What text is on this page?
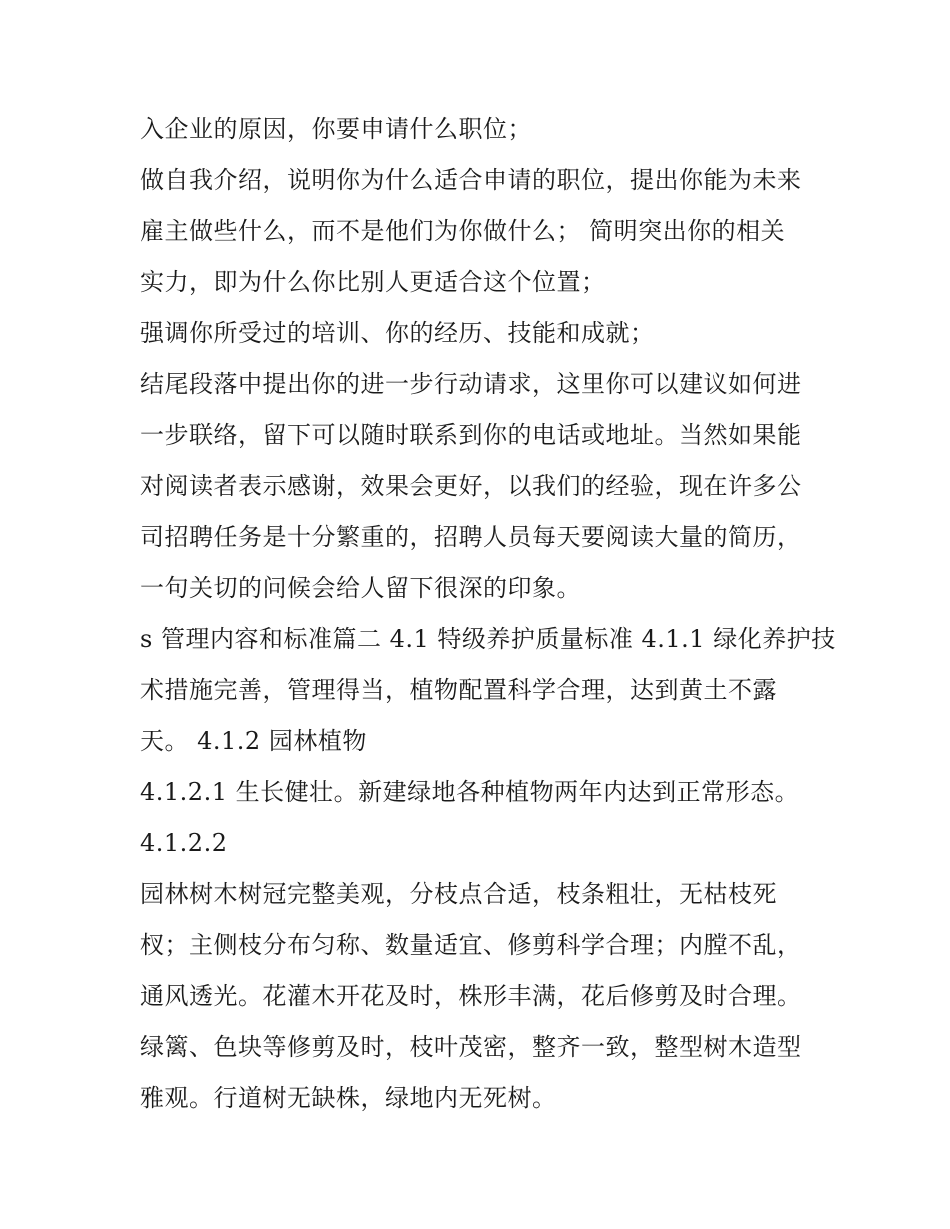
入企业的原因，你要申请什么职位；
做自我介绍，说明你为什么适合申请的职位，提出你能为未来
雇主做些什么，而不是他们为你做什么； 简明突出你的相关
实力，即为什么你比别人更适合这个位置；
强调你所受过的培训、你的经历、技能和成就；
结尾段落中提出你的进一步行动请求，这里你可以建议如何进
一步联络，留下可以随时联系到你的电话或地址。当然如果能
对阅读者表示感谢，效果会更好，以我们的经验，现在许多公
司招聘任务是十分繁重的，招聘人员每天要阅读大量的简历，
一句关切的问候会给人留下很深的印象。
s 管理内容和标准篇二 4.1 特级养护质量标准 4.1.1 绿化养护技
术措施完善，管理得当，植物配置科学合理，达到黄土不露
天。 4.1.2 园林植物
4.1.2.1 生长健壮。新建绿地各种植物两年内达到正常形态。
4.1.2.2
园林树木树冠完整美观，分枝点合适，枝条粗壮，无枯枝死
杈；主侧枝分布匀称、数量适宜、修剪科学合理；内膛不乱，
通风透光。花灌木开花及时，株形丰满，花后修剪及时合理。
绿篱、色块等修剪及时，枝叶茂密，整齐一致，整型树木造型
雅观。行道树无缺株，绿地内无死树。
